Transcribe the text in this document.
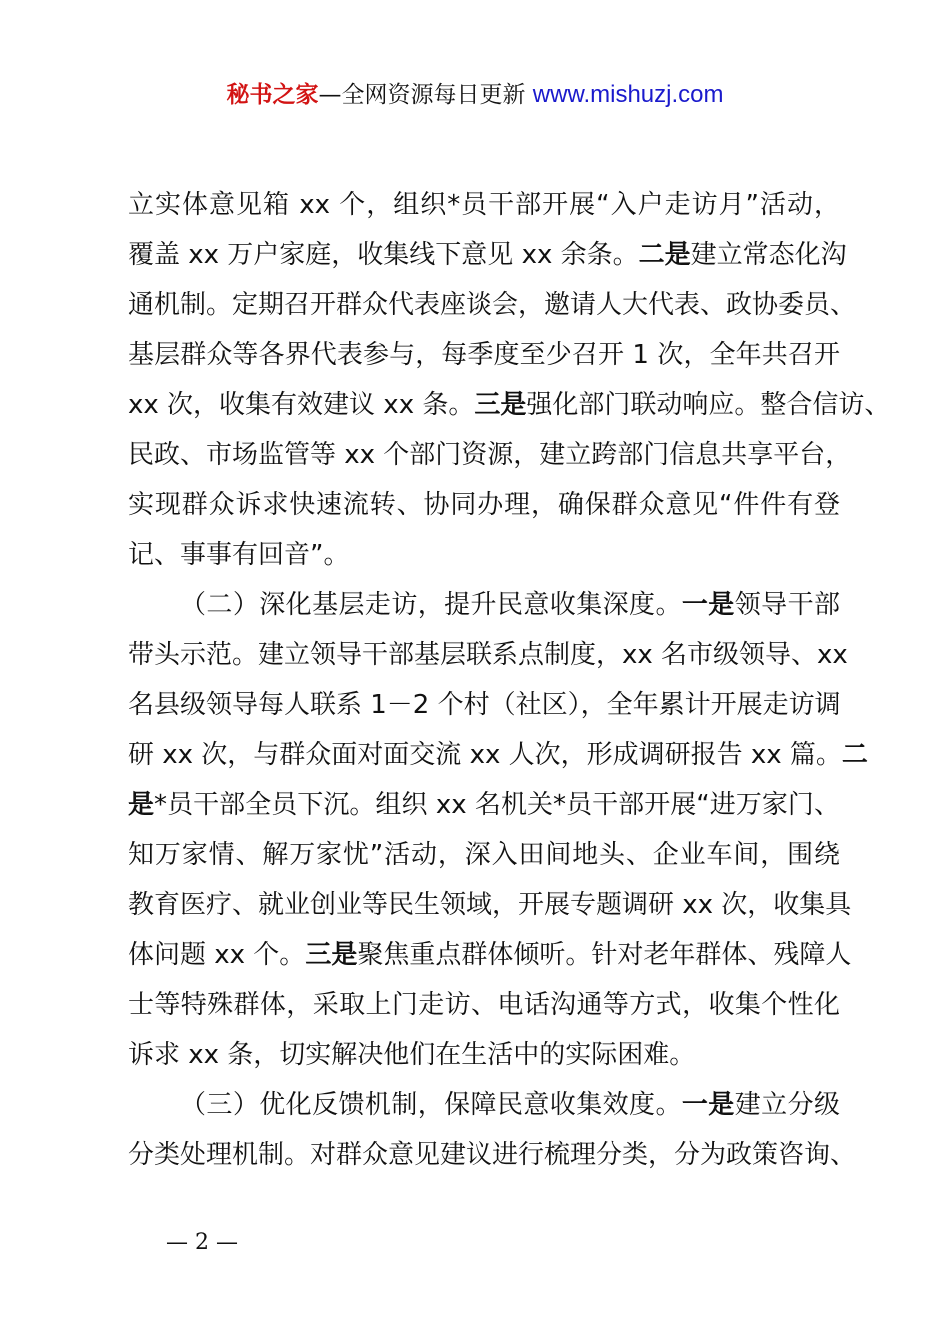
秘书之家—全网资源每日更新 www.mishuzj.com
立实体意见箱 xx 个，组织*员干部开展“入户走访月”活动，
覆盖 xx 万户家庭，收集线下意见 xx 余条。二是建立常态化沟
通机制。定期召开群众代表座谈会，邀请人大代表、政协委员、
基层群众等各界代表参与，每季度至少召开 1 次，全年共召开
xx 次，收集有效建议 xx 条。三是强化部门联动响应。整合信访、
民政、市场监管等 xx 个部门资源，建立跨部门信息共享平台，
实现群众诉求快速流转、协同办理，确保群众意见“件件有登
记、事事有回音”。
（二）深化基层走访，提升民意收集深度。一是领导干部
带头示范。建立领导干部基层联系点制度，xx 名市级领导、xx
名县级领导每人联系 1－2 个村（社区），全年累计开展走访调
研 xx 次，与群众面对面交流 xx 人次，形成调研报告 xx 篇。二
是*员干部全员下沉。组织 xx 名机关*员干部开展“进万家门、
知万家情、解万家忧”活动，深入田间地头、企业车间，围绕
教育医疗、就业创业等民生领域，开展专题调研 xx 次，收集具
体问题 xx 个。三是聚焦重点群体倾听。针对老年群体、残障人
士等特殊群体，采取上门走访、电话沟通等方式，收集个性化
诉求 xx 条，切实解决他们在生活中的实际困难。
（三）优化反馈机制，保障民意收集效度。一是建立分级
分类处理机制。对群众意见建议进行梳理分类，分为政策咨询、
— 2 —
